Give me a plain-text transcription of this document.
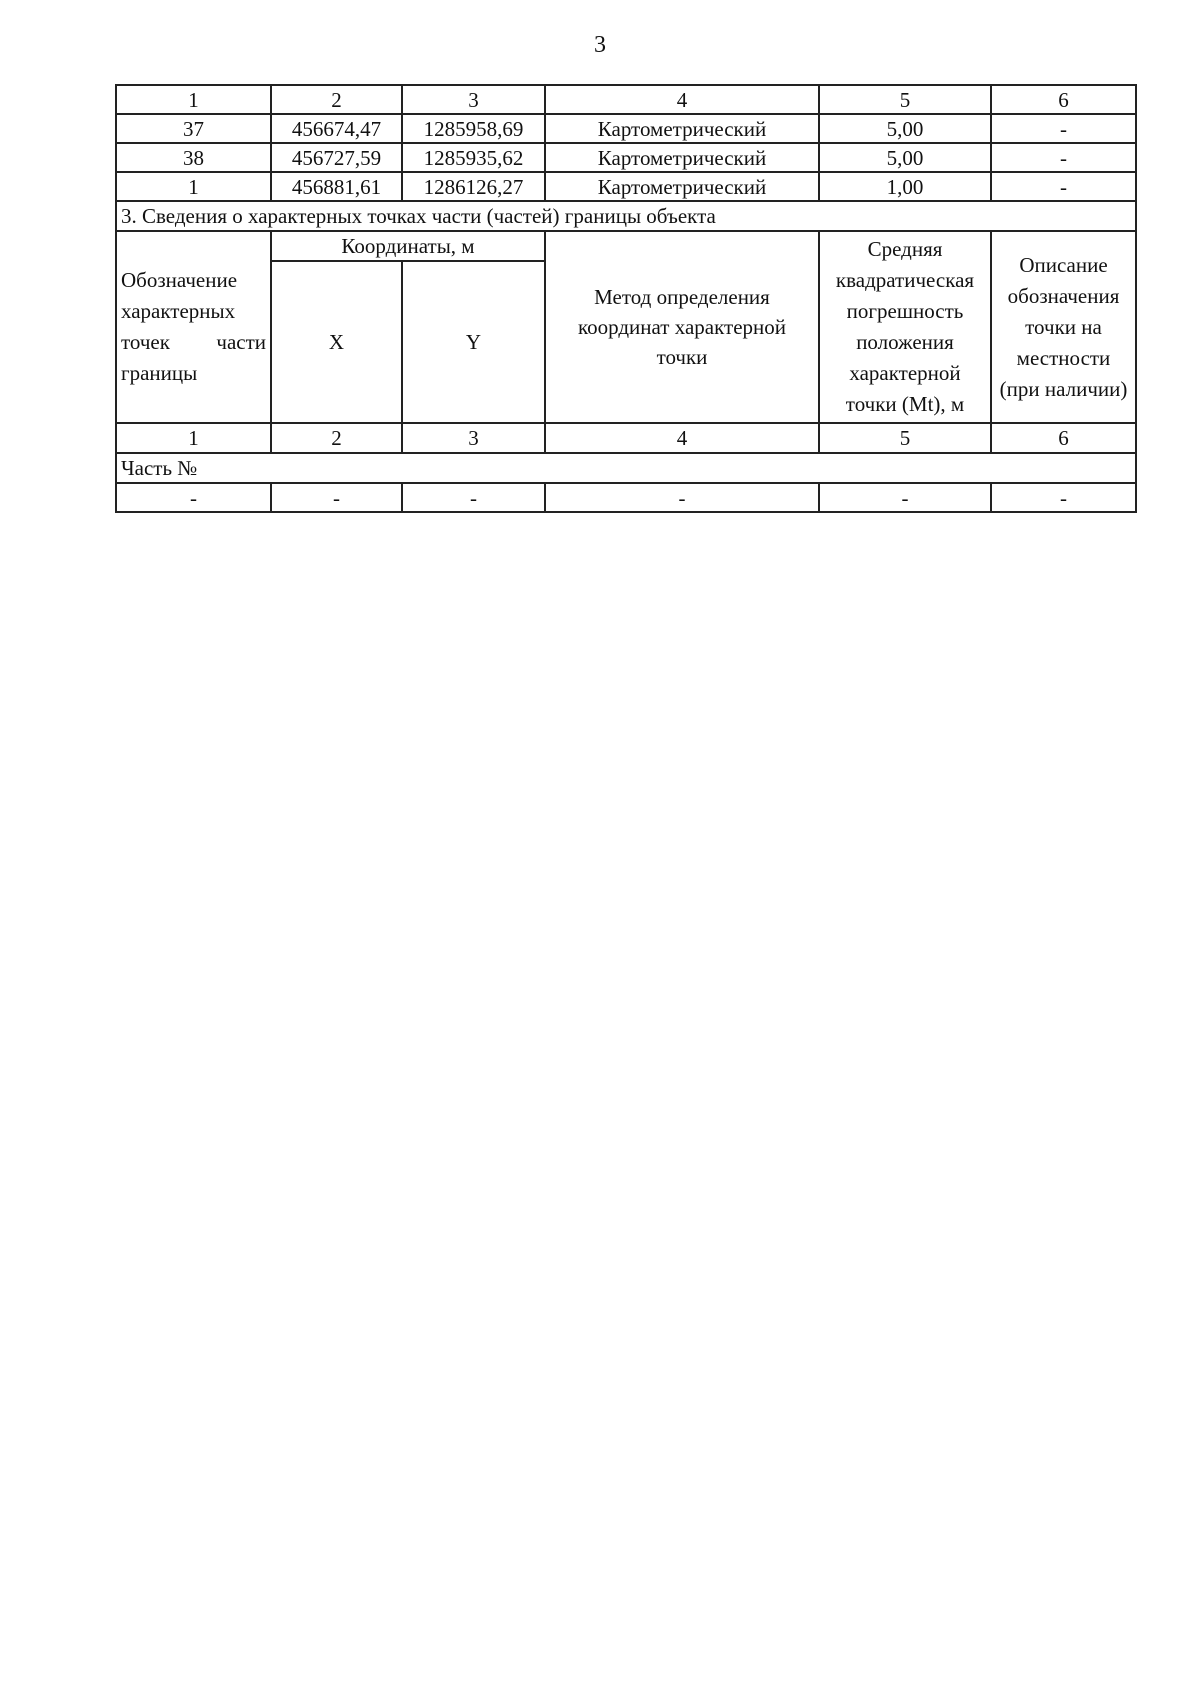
3
1	2	3	4	5	6
37	456674,47	1285958,69	Картометрический	5,00	-
38	456727,59	1285935,62	Картометрический	5,00	-
1	456881,61	1286126,27	Картометрический	1,00	-
3. Сведения о характерных точках части (частей) границы объекта					
Обозначение характерных точек части границы	Координаты, м		Метод определения координат характерной точки	Средняя квадратическая погрешность положения характерной точки (Mt), м	Описание обозначения точки на местности (при наличии)
	X	Y			
1	2	3	4	5	6
Часть №					
-	-	-	-	-	-
